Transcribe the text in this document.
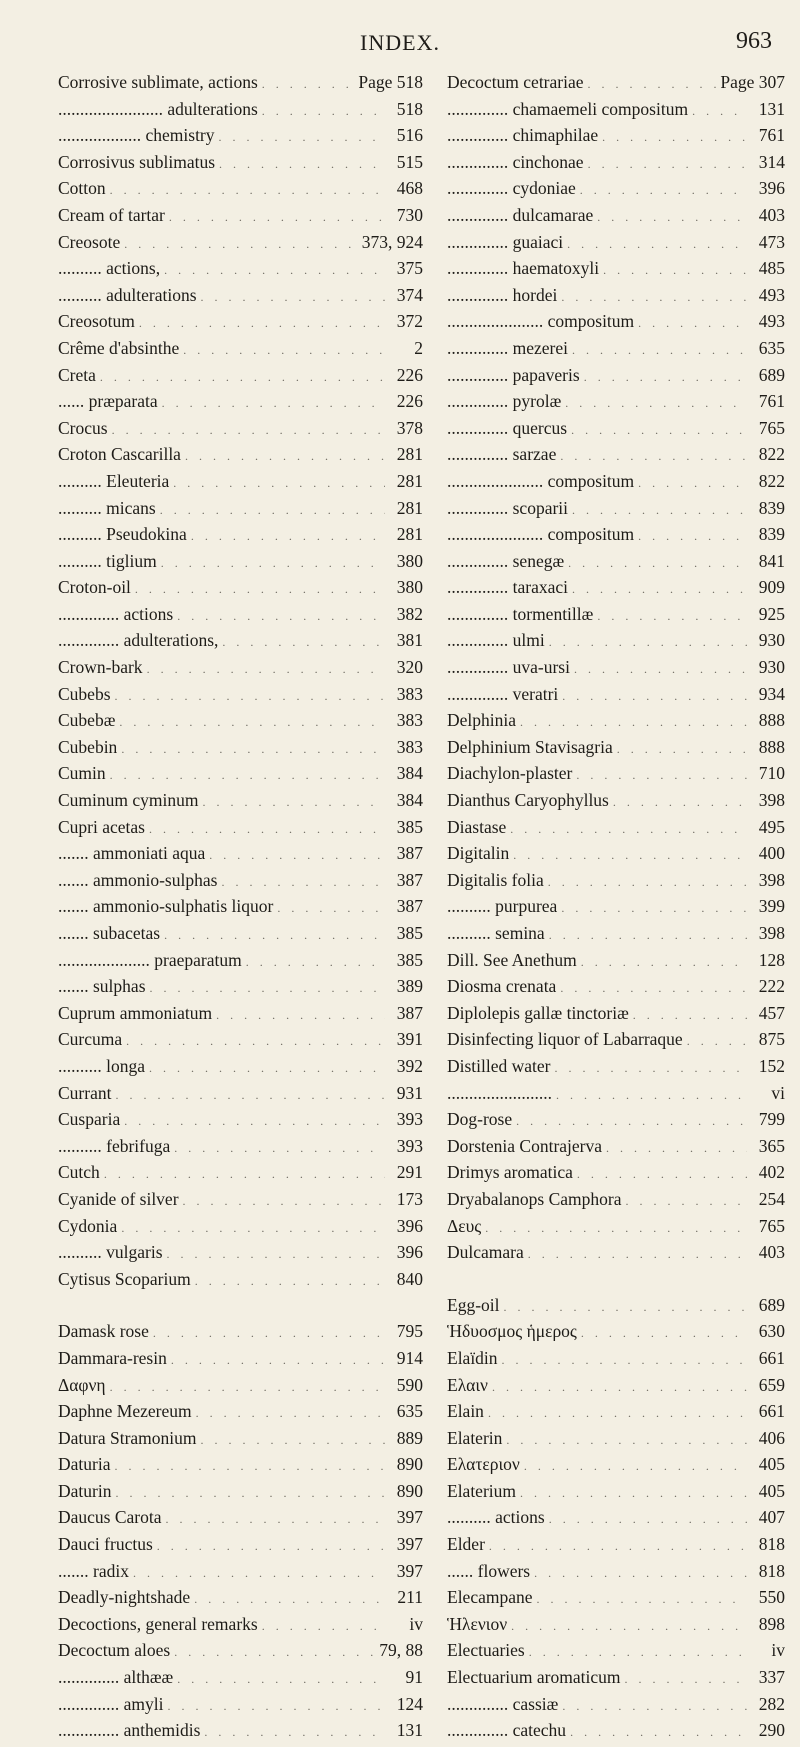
INDEX.	963
Corrosive sublimate, actions . . .	Page 518
........................ adulterations . . .	518
................... chemistry . . .	516
Corrosivus sublimatus . . .	515
Cotton . . .	468
Cream of tartar . . .	730
Creosote . . .	373, 924
.......... actions, . . .	375
.......... adulterations . . .	374
Creosotum . . .	372
Crême d'absinthe . . .	2
Creta . . .	226
...... præparata . . .	226
Crocus . . .	378
Croton Cascarilla . . .	281
.......... Eleuteria . . .	281
.......... micans . . .	281
.......... Pseudokina . . .	281
.......... tiglium . . .	380
Croton-oil . . .	380
.............. actions . . .	382
.............. adulterations, . . .	381
Crown-bark . . .	320
Cubebs . . .	383
Cubebæ . . .	383
Cubebin . . .	383
Cumin . . .	384
Cuminum cyminum . . .	384
Cupri acetas . . .	385
....... ammoniati aqua . . .	387
....... ammonio-sulphas . . .	387
....... ammonio-sulphatis liquor . . .	387
....... subacetas . . .	385
..................... praeparatum . . .	385
....... sulphas . . .	389
Cuprum ammoniatum . . .	387
Curcuma . . .	391
.......... longa . . .	392
Currant . . .	931
Cusparia . . .	393
.......... febrifuga . . .	393
Cutch . . .	291
Cyanide of silver . . .	173
Cydonia . . .	396
.......... vulgaris . . .	396
Cytisus Scoparium . . .	840
Damask rose . . .	795
Dammara-resin . . .	914
Δαφνη . . .	590
Daphne Mezereum . . .	635
Datura Stramonium . . .	889
Daturia . . .	890
Daturin . . .	890
Daucus Carota . . .	397
Dauci fructus . . .	397
....... radix . . .	397
Deadly-nightshade . . .	211
Decoctions, general remarks . . .	iv
Decoctum aloes . . .	79, 88
.............. althææ . . .	91
.............. amyli . . .	124
.............. anthemidis . . .	131
Decoctum cetrariae . . .	Page 307
.............. chamaemeli compositum . . .	131
.............. chimaphilae . . .	761
.............. cinchonae . . .	314
.............. cydoniae . . .	396
.............. dulcamarae . . .	403
.............. guaiaci . . .	473
.............. haematoxyli . . .	485
.............. hordei . . .	493
...................... compositum . . .	493
.............. mezerei . . .	635
.............. papaveris . . .	689
.............. pyrolæ . . .	761
.............. quercus . . .	765
.............. sarzae . . .	822
...................... compositum . . .	822
.............. scoparii . . .	839
...................... compositum . . .	839
.............. senegæ . . .	841
.............. taraxaci . . .	909
.............. tormentillæ . . .	925
.............. ulmi . . .	930
.............. uva-ursi . . .	930
.............. veratri . . .	934
Delphinia . . .	888
Delphinium Stavisagria . . .	888
Diachylon-plaster . . .	710
Dianthus Caryophyllus . . .	398
Diastase . . .	495
Digitalin . . .	400
Digitalis folia . . .	398
.......... purpurea . . .	399
.......... semina . . .	398
Dill. See Anethum . . .	128
Diosma crenata . . .	222
Diplolepis gallæ tinctoriæ . . .	457
Disinfecting liquor of Labarraque . . .	875
Distilled water . . .	152
........................ . . .	vi
Dog-rose . . .	799
Dorstenia Contrajerva . . .	365
Drimys aromatica . . .	402
Dryabalanops Camphora . . .	254
Δευς . . .	765
Dulcamara . . .	403
Egg-oil . . .	689
Ἡδυοσμος ἡμερος . . .	630
Elaïdin . . .	661
Ελαιν . . .	659
Elain . . .	661
Elaterin . . .	406
Ελατεριον . . .	405
Elaterium . . .	405
.......... actions . . .	407
Elder . . .	818
...... flowers . . .	818
Elecampane . . .	550
Ἡλενιον . . .	898
Electuaries . . .	iv
Electuarium aromaticum . . .	337
.............. cassiæ . . .	282
.............. catechu . . .	290
